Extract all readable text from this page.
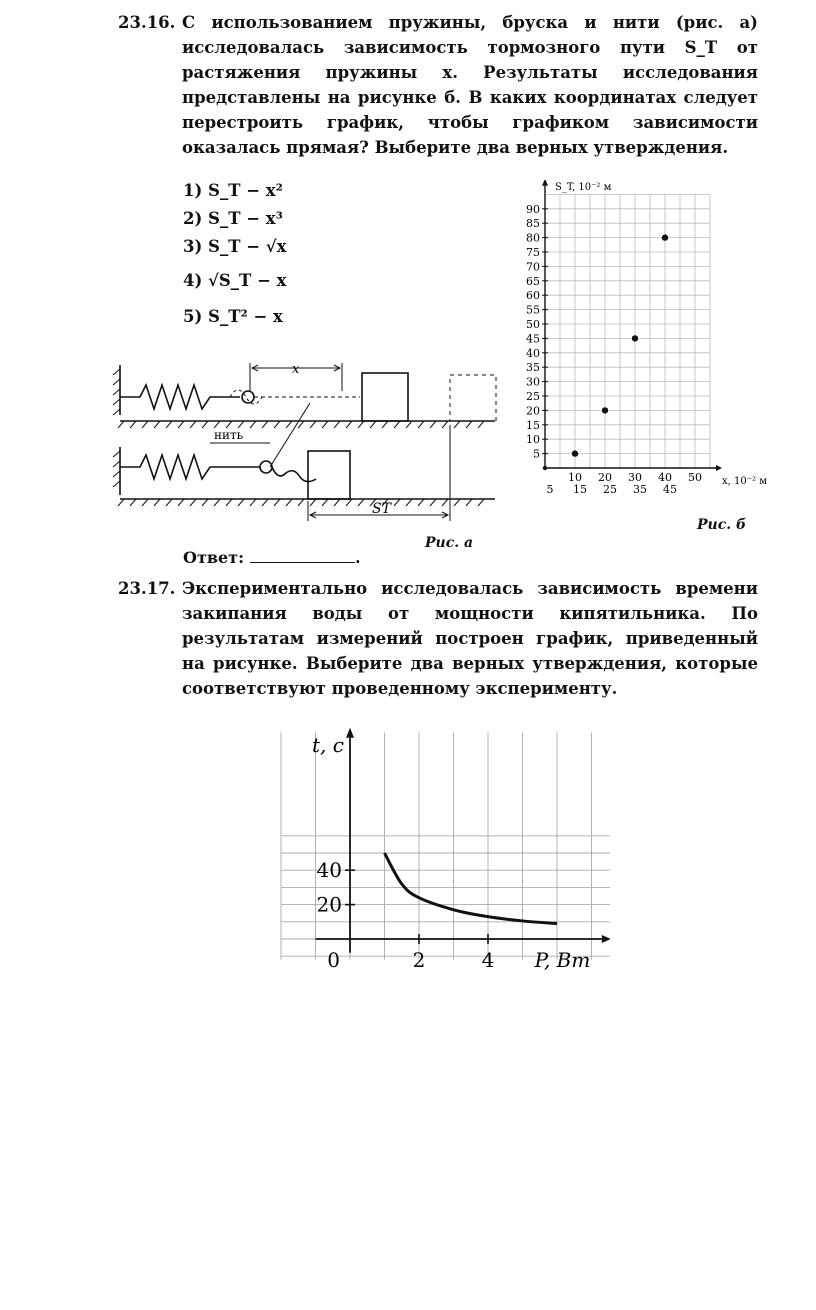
23.16. С использованием пружины, бруска и нити (рис. а) исследовалась зависимость тормозного пути S_T от растяжения пружины x. Результаты исследования представлены на рисунке б. В каких координатах следует перестроить график, чтобы графиком зависимости оказалась прямая? Выберите два верных утверждения.
1) S_T − x²
2) S_T − x³
3) S_T − √x
4) √S_T − x
5) S_T² − x
x
нить
ST
Рис. а
5
10
15
20
25
30
35
40
45
50
55
60
65
70
75
80
85
90
10 20 30 40 50
5 15 25 35 45
S_T, 10⁻² м
x, 10⁻² м
Рис. б
Ответ:	.
23.17. Экспериментально исследовалась зависимость времени закипания воды от мощности кипятильника. По результатам измерений построен график, приведенный на рисунке. Выберите два верных утверждения, которые соответствуют проведенному эксперименту.
2	4
20
40
0	P, Вт
t, с
